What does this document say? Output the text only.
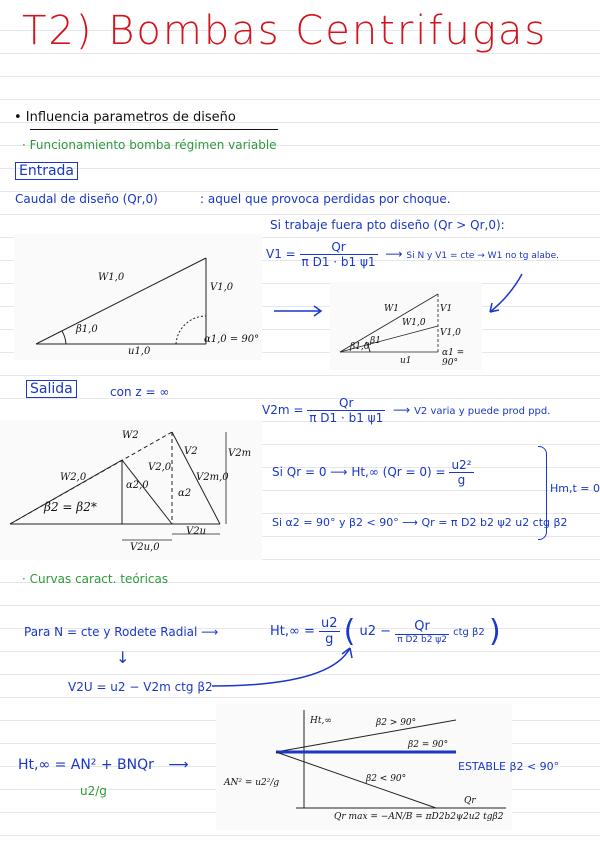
T2) Bombas Centrifugas
• Influencia parametros de diseño
· Funcionamiento bomba régimen variable
Entrada
Caudal de diseño (Qr,0)	: aquel que provoca perdidas por choque.
Si trabaje fuera pto diseño (Qr > Qr,0):
W1,0
V1,0
β1,0
u1,0
α1,0 = 90°
$V1 = \frac{Qr}{\text{π D1 · b1 ψ1}}$ ⟶ Si N y V1 = cte → W1 no tg alabe.
W1
W1,0
V1
V1,0
β1
β1,0
u1
α1 = 90°
Salida	con z = ∞
$V2m = \frac{Qr}{\text{π D1 · b1 ψ1}}$ ⟶ V2 varia y puede prod ppd.
W2
V2
W2,0
V2,0
α2,0
α2
V2m
V2m,0
β2 = β2*
V2u,0
V2u
Si Qr = 0 ⟶ Ht,∞ $(Qr = 0) = \frac{\text{u2²}}{g}$
Si α2 = 90° y β2 < 90° ⟶ Qr = π D2 b2 ψ2 u2 ctg β2
Hm,t = 0
· Curvas caract. teóricas
Para N = cte y Rodete Radial ⟶	$Ht,\infty = \frac{u2}{g}$ ( $u2 - \frac{Qr}{\text{π D2 b2 ψ2}}$ ctg β2 )
↓
V2U = u2 − V2m ctg β2
Ht,∞ = AN² + BNQr ⟶
u2/g
Ht,∞	β2 > 90°
β2 = 90°
β2 < 90°
AN² = u2²/g
Qr
Qr max = −AN/B = πD2b2ψ2u2 tgβ2
ESTABLE β2 < 90°
